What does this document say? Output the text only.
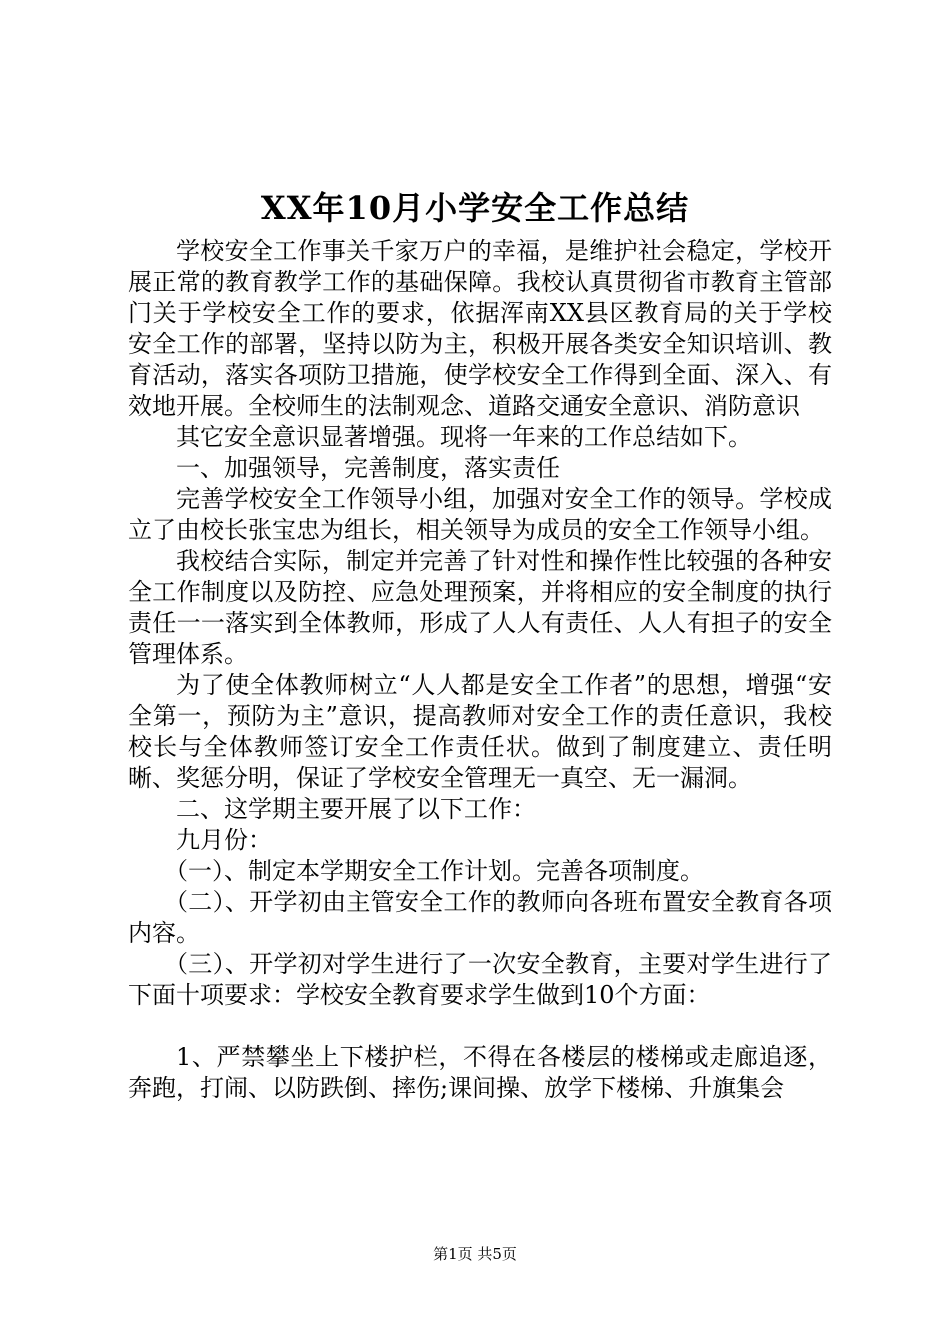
XX年10月小学安全工作总结

学校安全工作事关千家万户的幸福，是维护社会稳定，学校开展正常的教育教学工作的基础保障。我校认真贯彻省市教育主管部门关于学校安全工作的要求，依据浑南XX县区教育局的关于学校安全工作的部署，坚持以防为主，积极开展各类安全知识培训、教育活动，落实各项防卫措施，使学校安全工作得到全面、深入、有效地开展。全校师生的法制观念、道路交通安全意识、消防意识

其它安全意识显著增强。现将一年来的工作总结如下。

一、加强领导，完善制度，落实责任

完善学校安全工作领导小组，加强对安全工作的领导。学校成立了由校长张宝忠为组长，相关领导为成员的安全工作领导小组。

我校结合实际，制定并完善了针对性和操作性比较强的各种安全工作制度以及防控、应急处理预案，并将相应的安全制度的执行责任一一落实到全体教师，形成了人人有责任、人人有担子的安全管理体系。

为了使全体教师树立“人人都是安全工作者”的思想，增强“安全第一，预防为主”意识，提高教师对安全工作的责任意识，我校校长与全体教师签订安全工作责任状。做到了制度建立、责任明晰、奖惩分明，保证了学校安全管理无一真空、无一漏洞。

二、这学期主要开展了以下工作：

九月份：

（一）、制定本学期安全工作计划。完善各项制度。

（二）、开学初由主管安全工作的教师向各班布置安全教育各项内容。

（三）、开学初对学生进行了一次安全教育，主要对学生进行了下面十项要求：学校安全教育要求学生做到10个方面：

1、严禁攀坐上下楼护栏，不得在各楼层的楼梯或走廊追逐，奔跑，打闹、以防跌倒、摔伤;课间操、放学下楼梯、升旗集会

第1页 共5页
